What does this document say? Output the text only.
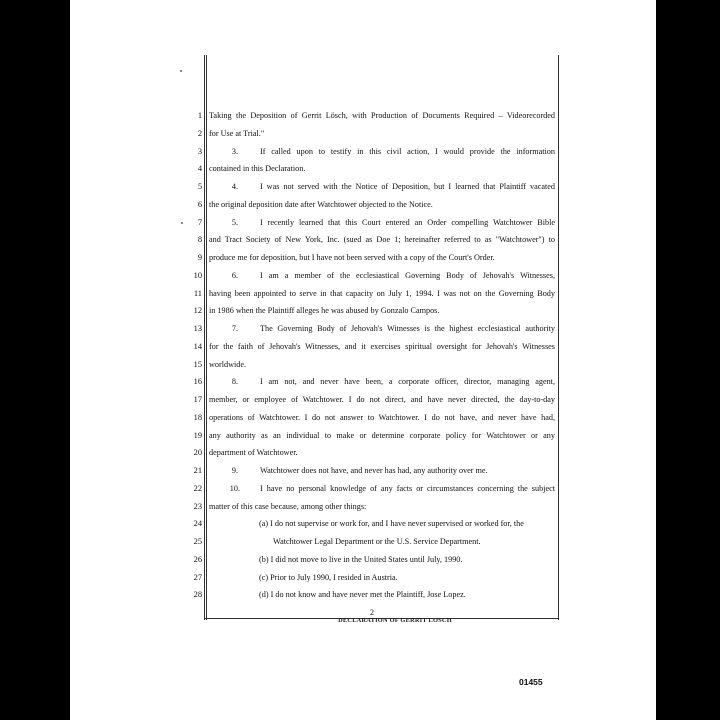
1 Taking the Deposition of Gerrit Lösch, with Production of Documents Required – Videorecorded
2 for Use at Trial."
3	3.	If called upon to testify in this civil action, I would provide the information
4 contained in this Declaration.
5	4.	I was not served with the Notice of Deposition, but I learned that Plaintiff vacated
6 the original deposition date after Watchtower objected to the Notice.
7	5.	I recently learned that this Court entered an Order compelling Watchtower Bible
8 and Tract Society of New York, Inc. (sued as Doe 1; hereinafter referred to as "Watchtower") to
9 produce me for deposition, but I have not been served with a copy of the Court's Order.
10	6.	I am a member of the ecclesiastical Governing Body of Jehovah's Witnesses,
11 having been appointed to serve in that capacity on July 1, 1994. I was not on the Governing Body
12 in 1986 when the Plaintiff alleges he was abused by Gonzalo Campos.
13	7.	The Governing Body of Jehovah's Witnesses is the highest ecclesiastical authority
14 for the faith of Jehovah's Witnesses, and it exercises spiritual oversight for Jehovah's Witnesses
15 worldwide.
16	8.	I am not, and never have been, a corporate officer, director, managing agent,
17 member, or employee of Watchtower. I do not direct, and have never directed, the day-to-day
18 operations of Watchtower. I do not answer to Watchtower. I do not have, and never have had,
19 any authority as an individual to make or determine corporate policy for Watchtower or any
20 department of Watchtower.
21	9.	Watchtower does not have, and never has had, any authority over me.
22	10. I have no personal knowledge of any facts or circumstances concerning the subject
23 matter of this case because, among other things:
24	(a) I do not supervise or work for, and I have never supervised or worked for, the
25	Watchtower Legal Department or the U.S. Service Department.
26	(b) I did not move to live in the United States until July, 1990.
27	(c) Prior to July 1990, I resided in Austria.
28	(d) I do not know and have never met the Plaintiff, Jose Lopez.
2
DECLARATION OF GERRIT LOSCH
01455
